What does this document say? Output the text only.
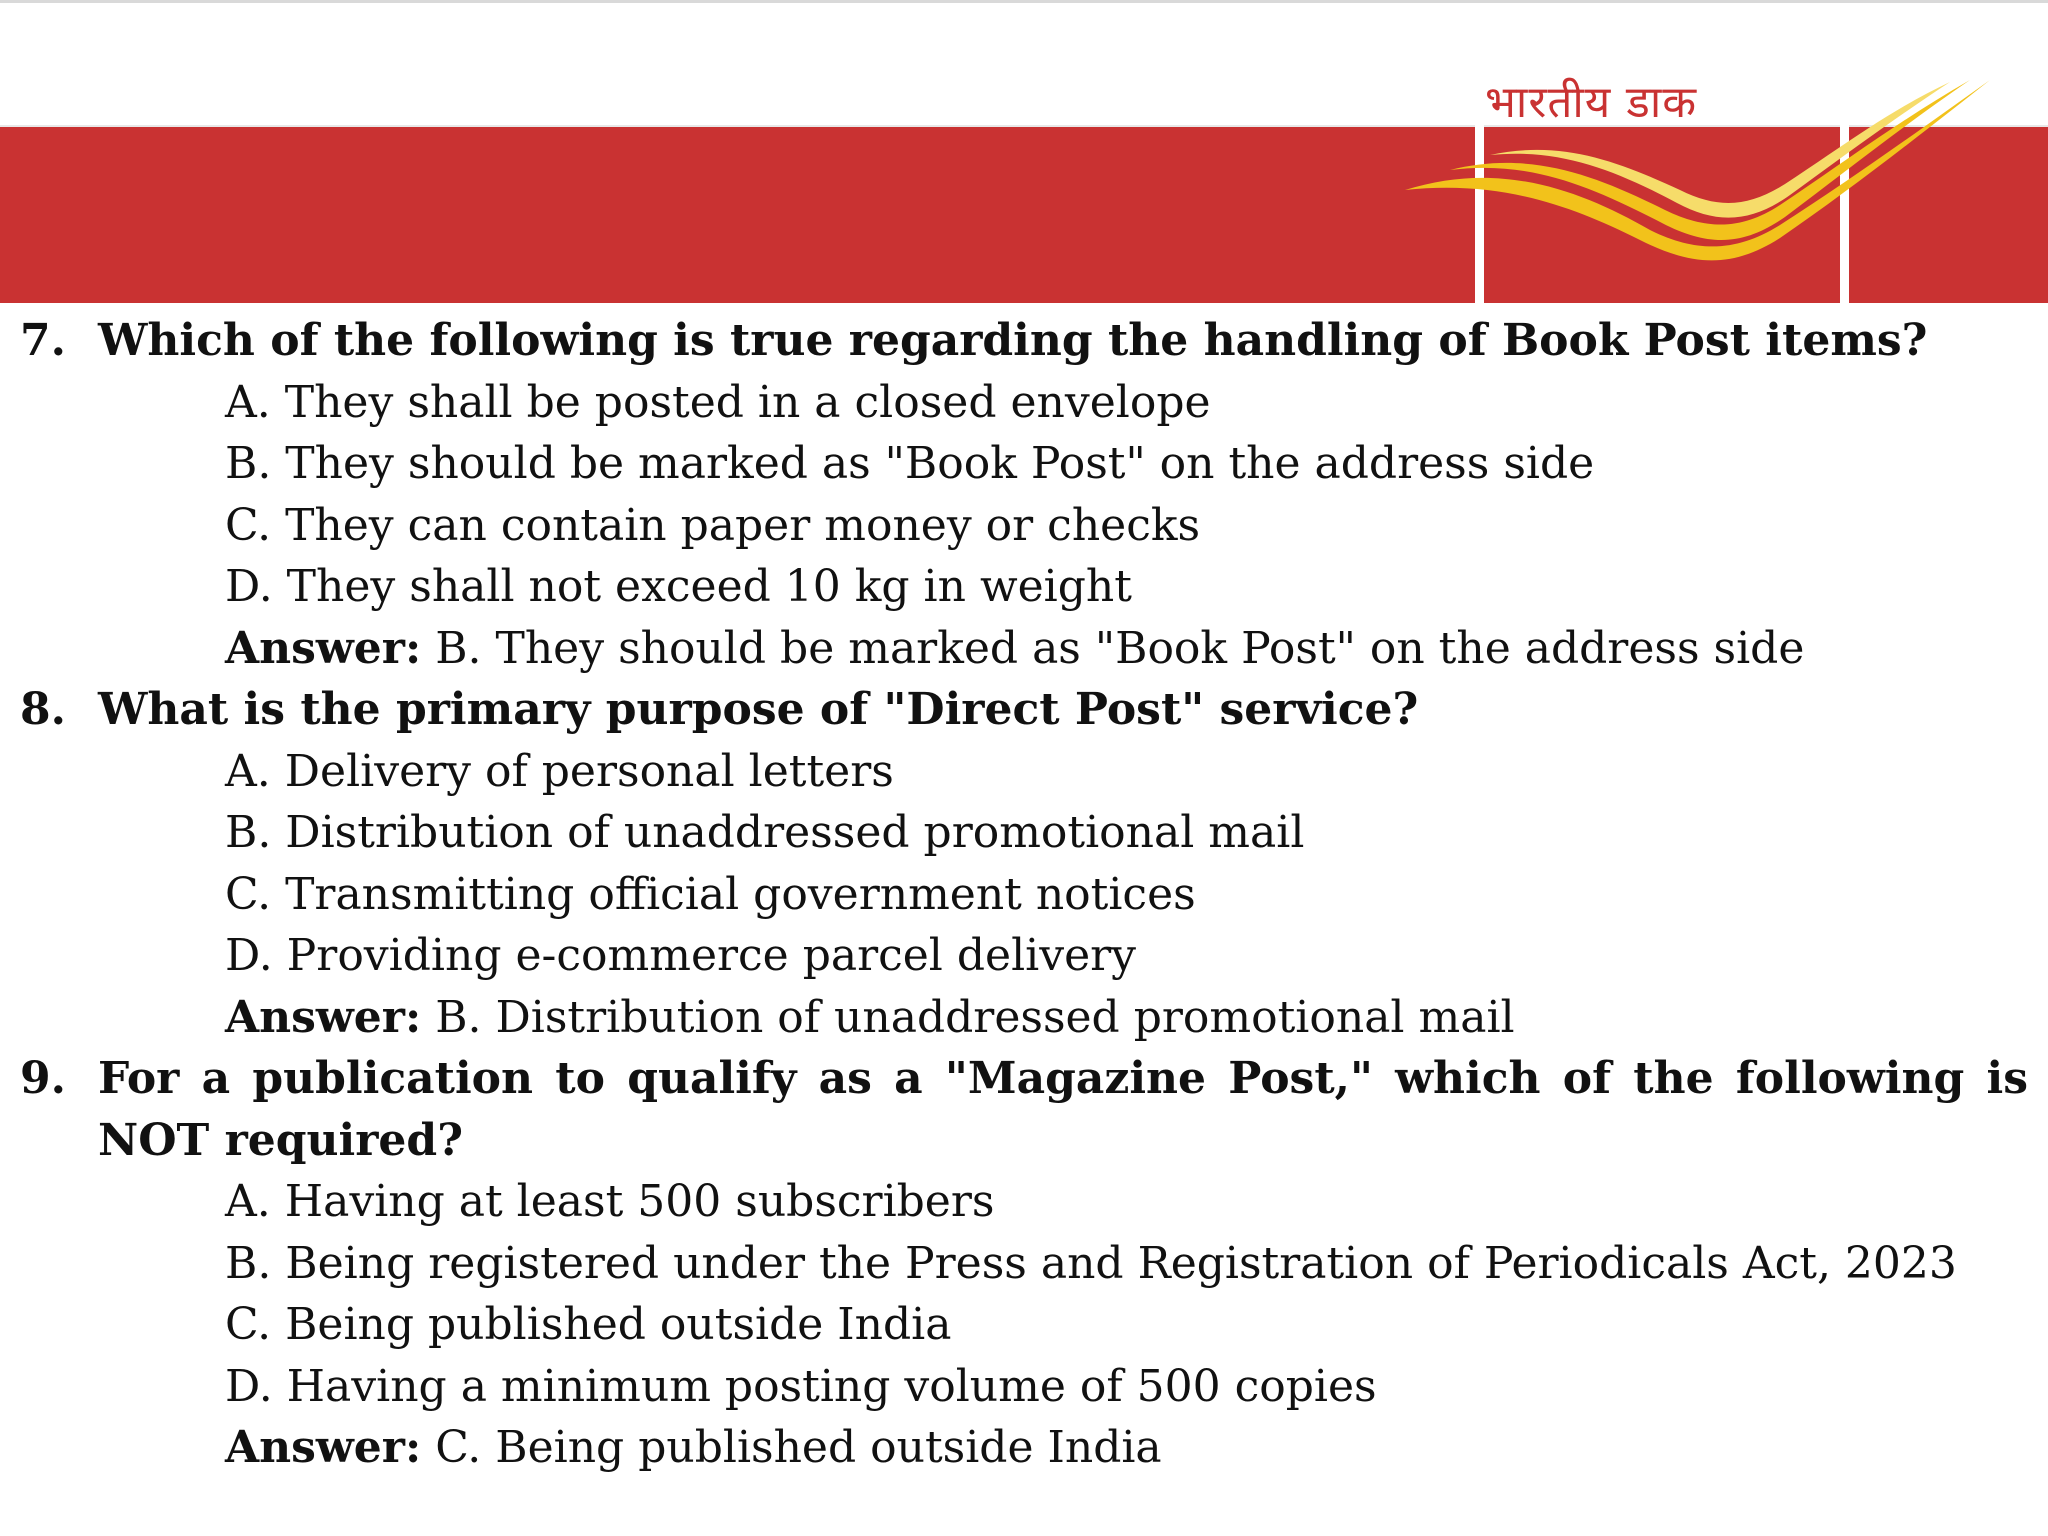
भारतीय डाक
7. Which of the following is true regarding the handling of Book Post items?
A. They shall be posted in a closed envelope
B. They should be marked as "Book Post" on the address side
C. They can contain paper money or checks
D. They shall not exceed 10 kg in weight
Answer: B. They should be marked as "Book Post" on the address side
8. What is the primary purpose of "Direct Post" service?
A. Delivery of personal letters
B. Distribution of unaddressed promotional mail
C. Transmitting official government notices
D. Providing e-commerce parcel delivery
Answer: B. Distribution of unaddressed promotional mail
9. For a publication to qualify as a "Magazine Post," which of the following is NOT required?
A. Having at least 500 subscribers
B. Being registered under the Press and Registration of Periodicals Act, 2023
C. Being published outside India
D. Having a minimum posting volume of 500 copies
Answer: C. Being published outside India
